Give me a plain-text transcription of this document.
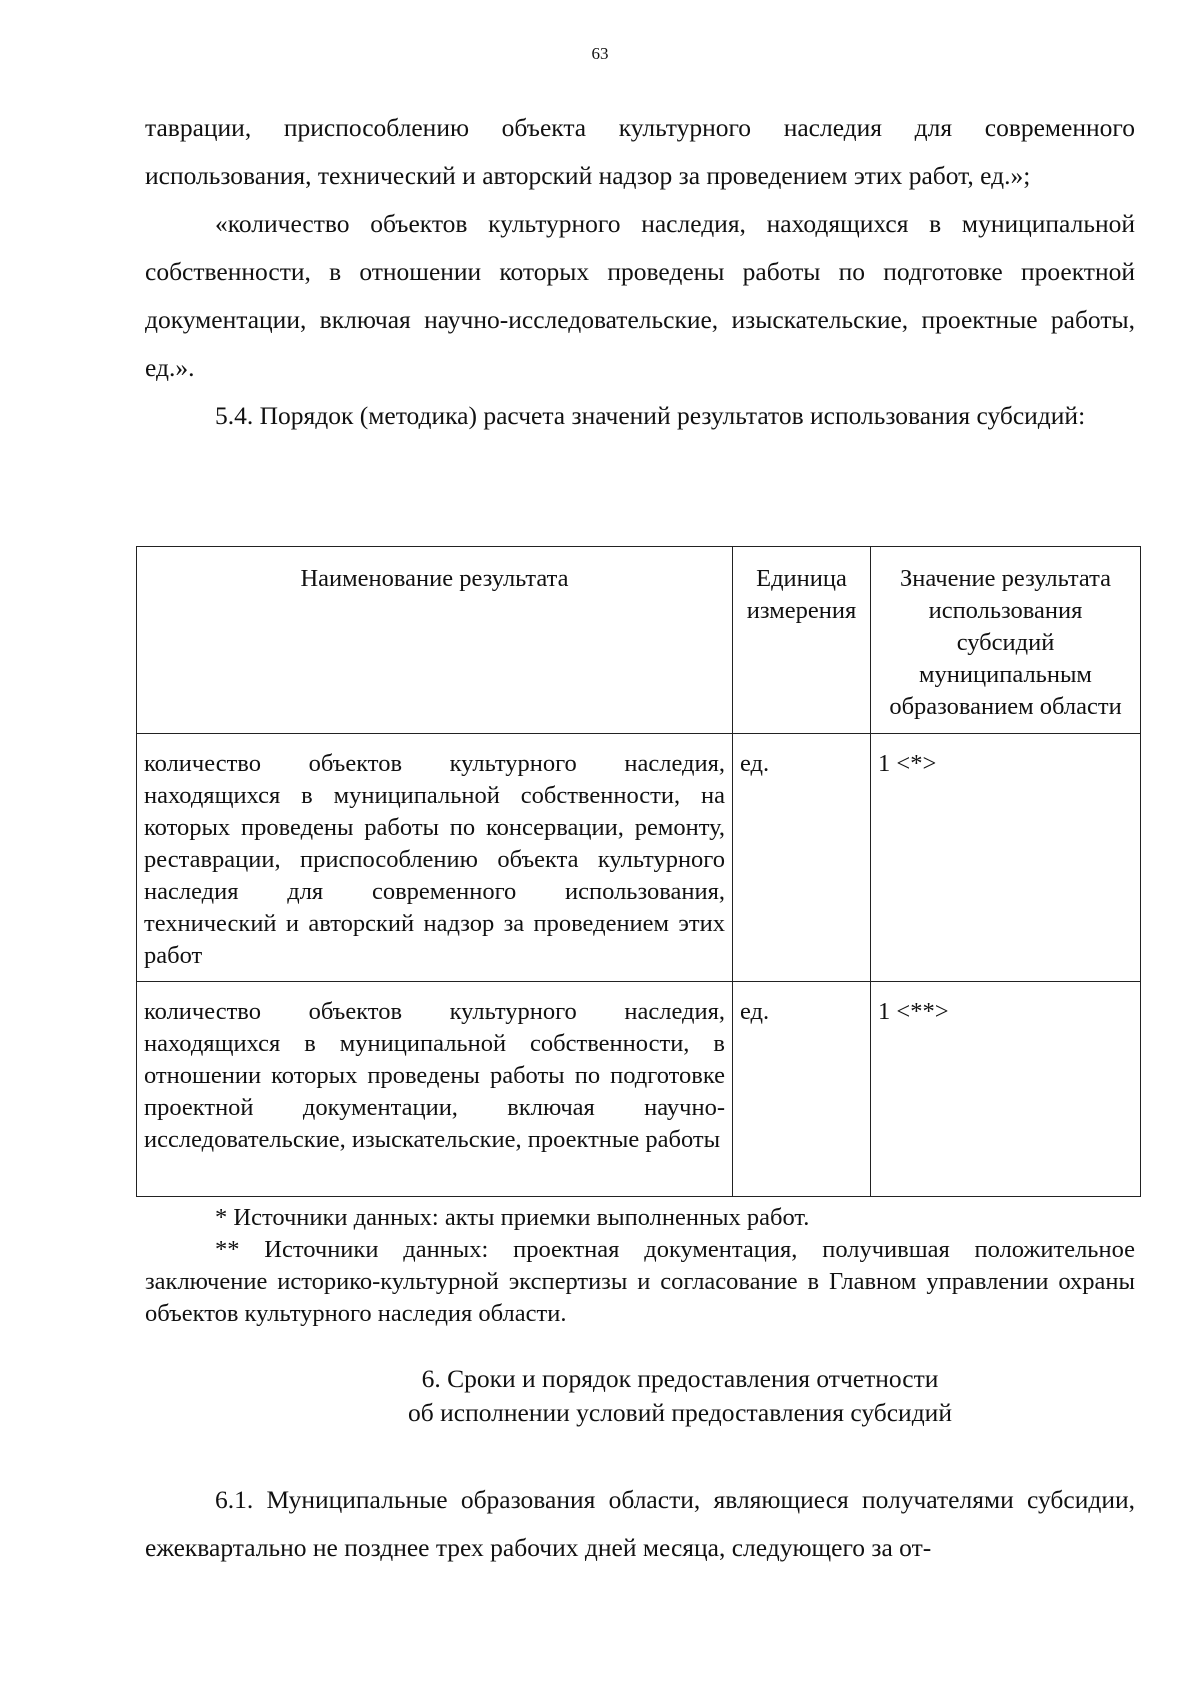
63

таврации, приспособлению объекта культурного наследия для современного использования, технический и авторский надзор за проведением этих работ, ед.»;

«количество объектов культурного наследия, находящихся в муниципальной собственности, в отношении которых проведены работы по подготовке проектной документации, включая научно-исследовательские, изыскательские, проектные работы, ед.».
5.4. Порядок (методика) расчета значений результатов использования субсидий:
Наименование результата	Единица измерения	Значение результата использования субсидий муниципальным образованием области
количество объектов культурного наследия, находящихся в муниципальной собственности, на которых проведены работы по консервации, ремонту, реставрации, приспособлению объекта культурного наследия для современного использования, технический и авторский надзор за проведением этих работ	ед.	1 <*>
количество объектов культурного наследия, находящихся в муниципальной собственности, в отношении которых проведены работы по подготовке проектной документации, включая научно-исследовательские, изыскательские, проектные работы	ед.	1 <**>

* Источники данных: акты приемки выполненных работ.

** Источники данных: проектная документация, получившая положительное заключение историко-культурной экспертизы и согласование в Главном управлении охраны объектов культурного наследия области.

6. Сроки и порядок предоставления отчетности
об исполнении условий предоставления субсидий
6.1. Муниципальные образования области, являющиеся получателями субсидии, ежеквартально не позднее трех рабочих дней месяца, следующего за от-
